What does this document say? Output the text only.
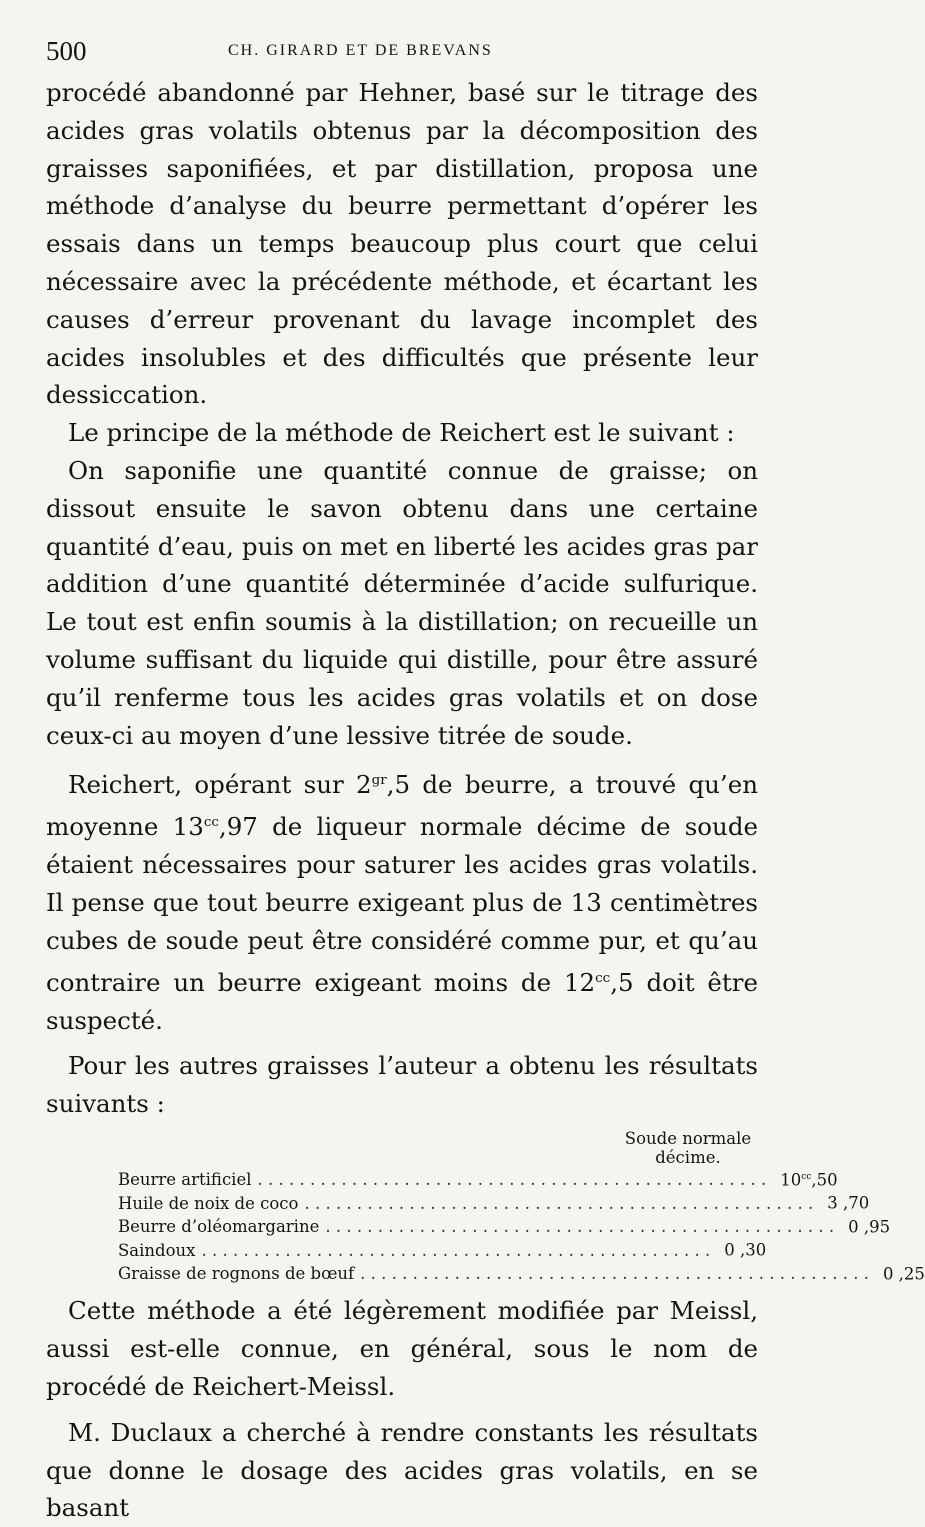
500	CH. GIRARD ET DE BREVANS

procédé abandonné par Hehner, basé sur le titrage des acides gras volatils obtenus par la décomposition des graisses saponifiées, et par distillation, proposa une méthode d’analyse du beurre permettant d’opérer les essais dans un temps beaucoup plus court que celui nécessaire avec la précédente méthode, et écartant les causes d’erreur provenant du lavage incomplet des acides insolubles et des difficultés que présente leur dessiccation.

Le principe de la méthode de Reichert est le suivant :

On saponifie une quantité connue de graisse; on dissout ensuite le savon obtenu dans une certaine quantité d’eau, puis on met en liberté les acides gras par addition d’une quantité déterminée d’acide sulfurique. Le tout est enfin soumis à la distillation; on recueille un volume suffisant du liquide qui distille, pour être assuré qu’il renferme tous les acides gras volatils et on dose ceux-ci au moyen d’une lessive titrée de soude.

Reichert, opérant sur $2^{gr},5$ de beurre, a trouvé qu’en moyenne $13^{cc},97$ de liqueur normale décime de soude étaient nécessaires pour saturer les acides gras volatils. Il pense que tout beurre exigeant plus de 13 centimètres cubes de soude peut être considéré comme pur, et qu’au contraire un beurre exigeant moins de $12^{cc},5$ doit être suspecté.

Pour les autres graisses l’auteur a obtenu les résultats suivants :

Soude normale
décime.
Beurre artificiel . . . . . . . . . . . . . . . . . . . . . . . . . . . . . . . . . . . . . . . . . . . . . . . . . $10^{cc},50$
Huile de noix de coco . . . . . . . . . . . . . . . . . . . . . . . . . . . . . . . . . . . . . . . . . . . . . . . . . 3 ,70
Beurre d’oléomargarine . . . . . . . . . . . . . . . . . . . . . . . . . . . . . . . . . . . . . . . . . . . . . . . . . 0 ,95
Saindoux . . . . . . . . . . . . . . . . . . . . . . . . . . . . . . . . . . . . . . . . . . . . . . . . . 0 ,30
Graisse de rognons de bœuf . . . . . . . . . . . . . . . . . . . . . . . . . . . . . . . . . . . . . . . . . . . . . . . . . 0 ,25

Cette méthode a été légèrement modifiée par Meissl, aussi est-elle connue, en général, sous le nom de procédé de Reichert-Meissl.

M. Duclaux a cherché à rendre constants les résultats que donne le dosage des acides gras volatils, en se basant
